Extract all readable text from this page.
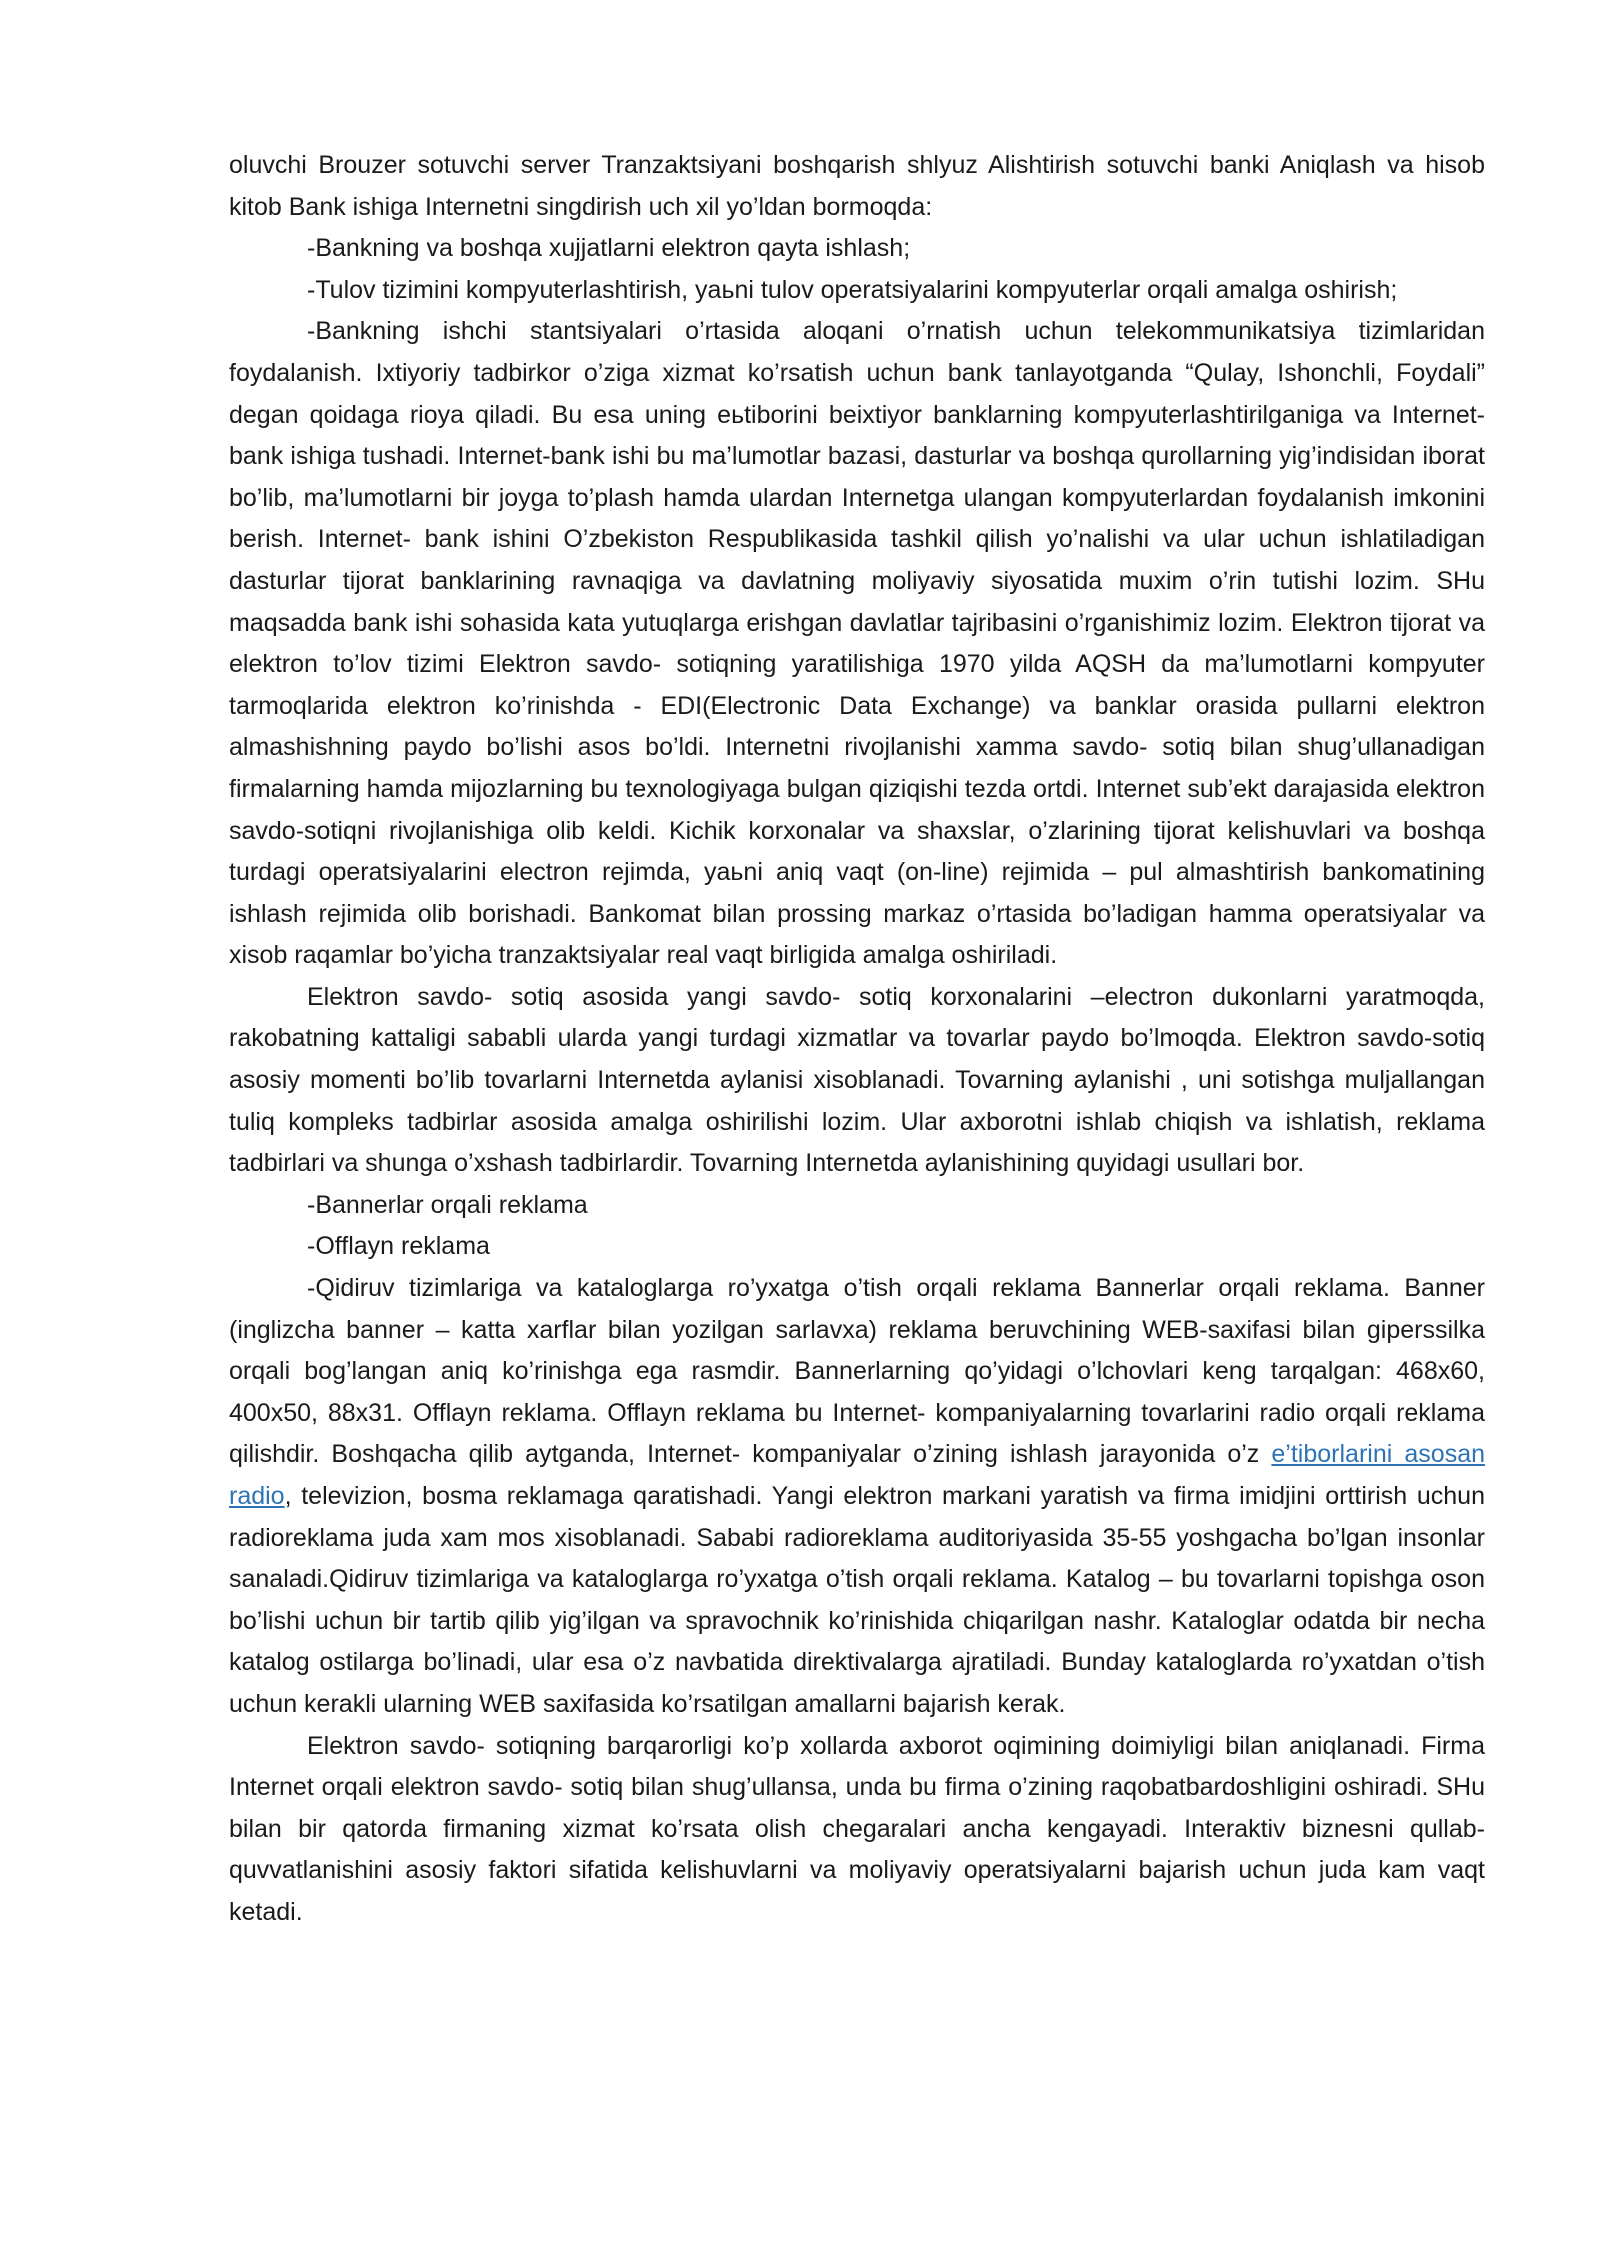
oluvchi Brouzer sotuvchi server Tranzaktsiyani boshqarish shlyuz Alishtirish sotuvchi banki Aniqlash va hisob kitob Bank ishiga Internetni singdirish uch xil yo’ldan bormoqda:

-Bankning va boshqa xujjatlarni elektron qayta ishlash;

-Tulov tizimini kompyuterlashtirish, yaьni tulov operatsiyalarini kompyuterlar orqali amalga oshirish;

-Bankning ishchi stantsiyalari o’rtasida aloqani o’rnatish uchun telekommunikatsiya tizimlaridan foydalanish. Ixtiyoriy tadbirkor o’ziga xizmat ko’rsatish uchun bank tanlayotganda “Qulay, Ishonchli, Foydali” degan qoidaga rioya qiladi. Bu esa uning eьtiborini beixtiyor banklarning kompyuterlashtirilganiga va Internet-bank ishiga tushadi. Internet-bank ishi bu ma’lumotlar bazasi, dasturlar va boshqa qurollarning yig’indisidan iborat bo’lib, ma’lumotlarni bir joyga to’plash hamda ulardan Internetga ulangan kompyuterlardan foydalanish imkonini berish. Internet- bank ishini O’zbekiston Respublikasida tashkil qilish yo’nalishi va ular uchun ishlatiladigan dasturlar tijorat banklarining ravnaqiga va davlatning moliyaviy siyosatida muxim o’rin tutishi lozim. SHu maqsadda bank ishi sohasida kata yutuqlarga erishgan davlatlar tajribasini o’rganishimiz lozim. Elektron tijorat va elektron to’lov tizimi Elektron savdo- sotiqning yaratilishiga 1970 yilda AQSH da ma’lumotlarni kompyuter tarmoqlarida elektron ko’rinishda - EDI(Electronic Data Exchange) va banklar orasida pullarni elektron almashishning paydo bo’lishi asos bo’ldi. Internetni rivojlanishi xamma savdo- sotiq bilan shug’ullanadigan firmalarning hamda mijozlarning bu texnologiyaga bulgan qiziqishi tezda ortdi. Internet sub’ekt darajasida elektron savdo-sotiqni rivojlanishiga olib keldi. Kichik korxonalar va shaxslar, o’zlarining tijorat kelishuvlari va boshqa turdagi operatsiyalarini electron rejimda, yaьni aniq vaqt (on-line) rejimida – pul almashtirish bankomatining ishlash rejimida olib borishadi. Bankomat bilan prossing markaz o’rtasida bo’ladigan hamma operatsiyalar va xisob raqamlar bo’yicha tranzaktsiyalar real vaqt birligida amalga oshiriladi.

Elektron savdo- sotiq asosida yangi savdo- sotiq korxonalarini –electron dukonlarni yaratmoqda, rakobatning kattaligi sababli ularda yangi turdagi xizmatlar va tovarlar paydo bo’lmoqda. Elektron savdo-sotiq asosiy momenti bo’lib tovarlarni Internetda aylanisi xisoblanadi. Tovarning aylanishi , uni sotishga muljallangan tuliq kompleks tadbirlar asosida amalga oshirilishi lozim. Ular axborotni ishlab chiqish va ishlatish, reklama tadbirlari va shunga o’xshash tadbirlardir. Tovarning Internetda aylanishining quyidagi usullari bor.

-Bannerlar orqali reklama

-Offlayn reklama

-Qidiruv tizimlariga va kataloglarga ro’yxatga o’tish orqali reklama Bannerlar orqali reklama. Banner (inglizcha banner – katta xarflar bilan yozilgan sarlavxa) reklama beruvchining WEB-saxifasi bilan giperssilka orqali bog’langan aniq ko’rinishga ega rasmdir. Bannerlarning qo’yidagi o’lchovlari keng tarqalgan: 468x60, 400x50, 88x31. Offlayn reklama. Offlayn reklama bu Internet- kompaniyalarning tovarlarini radio orqali reklama qilishdir. Boshqacha qilib aytganda, Internet- kompaniyalar o’zining ishlash jarayonida o’z e’tiborlarini asosan radio, televizion, bosma reklamaga qaratishadi. Yangi elektron markani yaratish va firma imidjini orttirish uchun radioreklama juda xam mos xisoblanadi. Sababi radioreklama auditoriyasida 35-55 yoshgacha bo’lgan insonlar sanaladi.Qidiruv tizimlariga va kataloglarga ro’yxatga o’tish orqali reklama. Katalog – bu tovarlarni topishga oson bo’lishi uchun bir tartib qilib yig’ilgan va spravochnik ko’rinishida chiqarilgan nashr. Kataloglar odatda bir necha katalog ostilarga bo’linadi, ular esa o’z navbatida direktivalarga ajratiladi. Bunday kataloglarda ro’yxatdan o’tish uchun kerakli ularning WEB saxifasida ko’rsatilgan amallarni bajarish kerak.

Elektron savdo- sotiqning barqarorligi ko’p xollarda axborot oqimining doimiyligi bilan aniqlanadi. Firma Internet orqali elektron savdo- sotiq bilan shug’ullansa, unda bu firma o’zining raqobatbardoshligini oshiradi. SHu bilan bir qatorda firmaning xizmat ko’rsata olish chegaralari ancha kengayadi. Interaktiv biznesni qullab-quvvatlanishini asosiy faktori sifatida kelishuvlarni va moliyaviy operatsiyalarni bajarish uchun juda kam vaqt ketadi.
